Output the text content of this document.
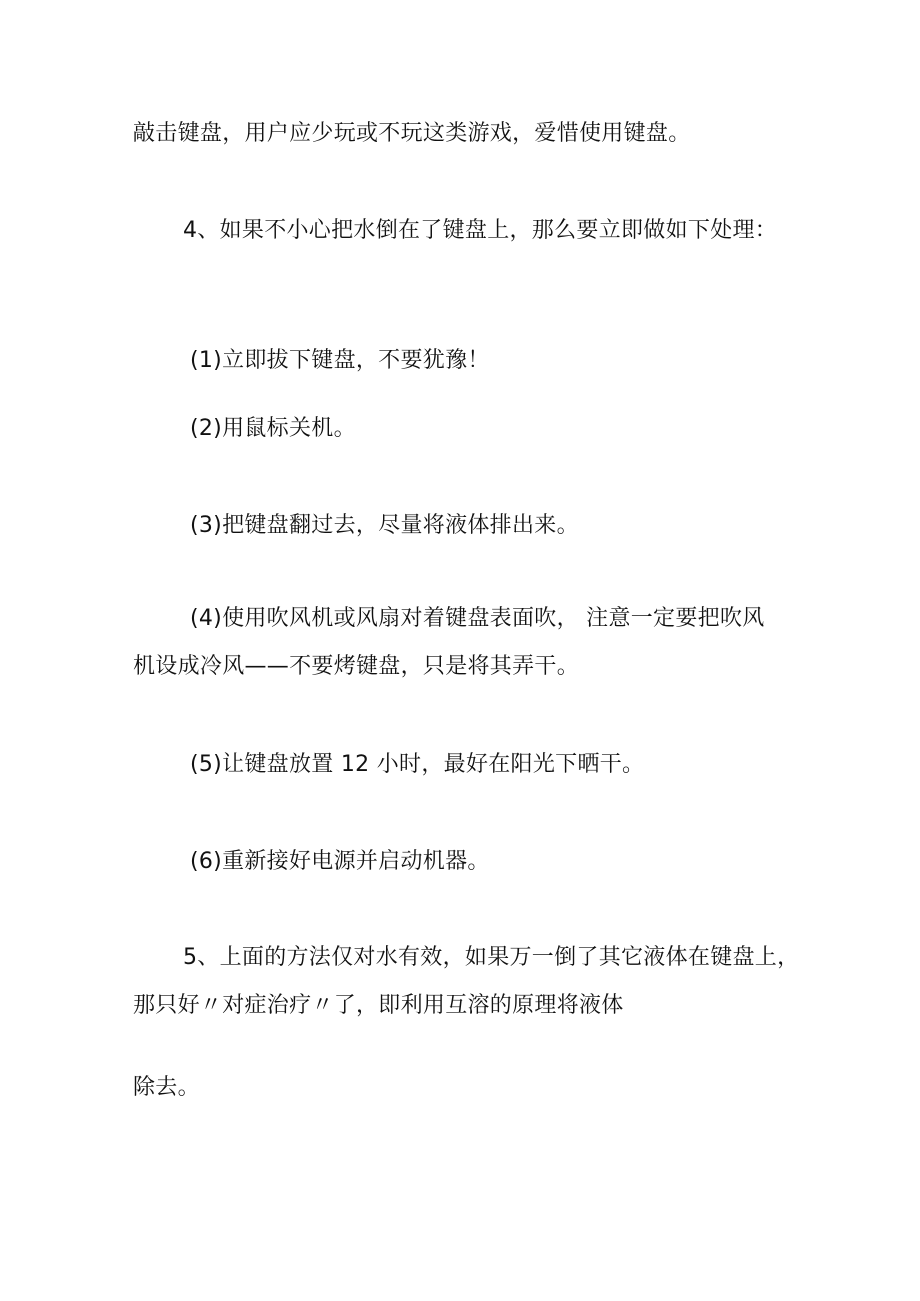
敲击键盘，用户应少玩或不玩这类游戏，爱惜使用键盘。

4、如果不小心把水倒在了键盘上，那么要立即做如下处理：

(1)立即拔下键盘，不要犹豫！

(2)用鼠标关机。

(3)把键盘翻过去，尽量将液体排出来。

(4)使用吹风机或风扇对着键盘表面吹， 注意一定要把吹风

机设成冷风——不要烤键盘，只是将其弄干。

(5)让键盘放置 12 小时，最好在阳光下晒干。

(6)重新接好电源并启动机器。

5、上面的方法仅对水有效，如果万一倒了其它液体在键盘上，

那只好〃对症治疗〃了，即利用互溶的原理将液体

除去。
